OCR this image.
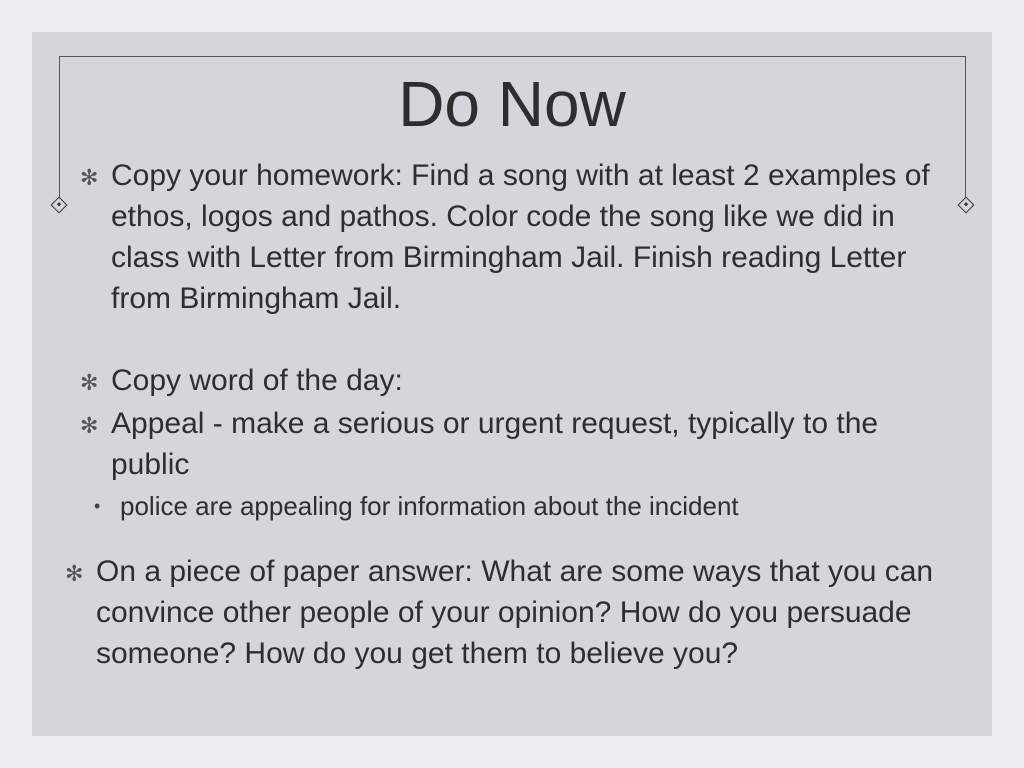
Do Now
✻ Copy your homework: Find a song with at least 2 examples of ethos, logos and pathos. Color code the song like we did in class with Letter from Birmingham Jail. Finish reading Letter from Birmingham Jail.
✻ Copy word of the day:
✻ Appeal - make a serious or urgent request, typically to the public
• police are appealing for information about the incident
✻ On a piece of paper answer: What are some ways that you can convince other people of your opinion? How do you persuade someone? How do you get them to believe you?
